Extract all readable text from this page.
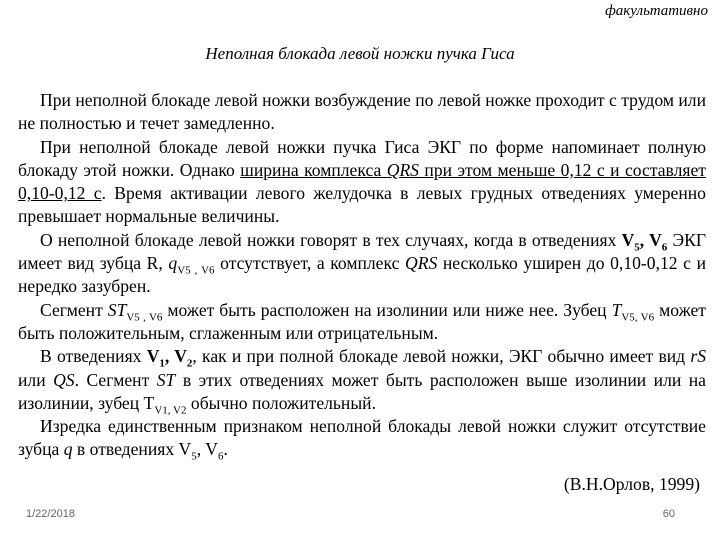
факультативно
Неполная блокада левой ножки пучка Гиса

При неполной блокаде левой ножки возбуждение по левой ножке проходит с трудом или не полностью и течет замедленно.

При неполной блокаде левой ножки пучка Гиса ЭКГ по форме напоминает полную блокаду этой ножки. Однако ширина комплекса QRS при этом меньше 0,12 с и составляет 0,10-0,12 с. Время активации левого желудочка в левых грудных отведениях умеренно превышает нормальные величины.

О неполной блокаде левой ножки говорят в тех случаях, когда в отведениях $V_5$, $V_6$ ЭКГ имеет вид зубца R, $q_{V5 , V6}$ отсутствует, а комплекс QRS несколько уширен до 0,10-0,12 с и нередко зазубрен.

Сегмент $ST_{V5 , V6}$ может быть расположен на изолинии или ниже нее. Зубец $T_{V5, V6}$ может быть положительным, сглаженным или отрицательным.

В отведениях $V_1$, $V_2$, как и при полной блокаде левой ножки, ЭКГ обычно имеет вид rS или QS. Сегмент ST в этих отведениях может быть расположен выше изолинии или на изолинии, зубец $T_{V1, V2}$ обычно положительный.

Изредка единственным признаком неполной блокады левой ножки служит отсутствие зубца q в отведениях $V_5$, $V_6$.

(В.Н.Орлов, 1999)
1/22/2018	60
